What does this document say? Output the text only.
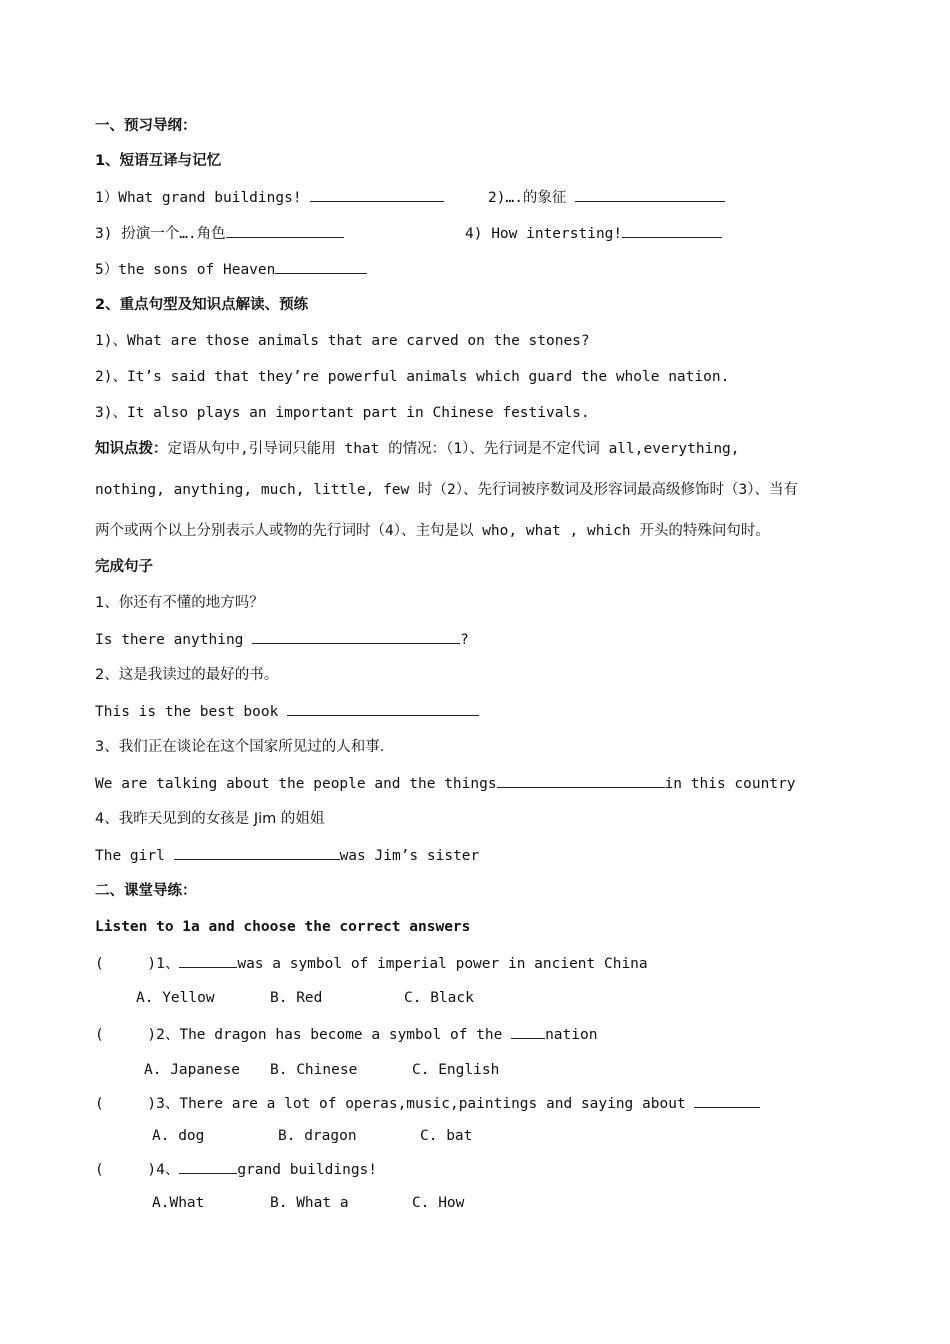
一、预习导纲：
1、短语互译与记忆
1）What grand buildings!	2)….的象征
3) 扮演一个….角色	4) How intersting!
5）the sons of Heaven
2、重点句型及知识点解读、预练
1)、What are those animals that are carved on the stones?
2)、It’s said that they’re powerful animals which guard the whole nation.
3)、It also plays an important part in Chinese festivals.
知识点拨：定语从句中,引导词只能用 that 的情况：（1）、先行词是不定代词 all,everything,
nothing, anything, much, little, few 时（2）、先行词被序数词及形容词最高级修饰时（3）、当有
两个或两个以上分别表示人或物的先行词时（4）、主句是以 who, what , which 开头的特殊问句时。
完成句子
1、你还有不懂的地方吗？
Is there anything	?
2、这是我读过的最好的书。
This is the best book
3、我们正在谈论在这个国家所见过的人和事.
We are talking about the people and the things	in this country
4、我昨天见到的女孩是 Jim 的姐姐
The girl	was Jim’s sister
二、课堂导练：
Listen to 1a and choose the correct answers
(     )1、	was a symbol of imperial power in ancient China
A. Yellow	B. Red	C. Black
(     )2、The dragon has become a symbol of the nation
A. Japanese B. Chinese	C. English
(     )3、There are a lot of operas,music,paintings and saying about
A. dog	B. dragon	C. bat
(     )4、	grand buildings!
A.What	B. What a	C. How
